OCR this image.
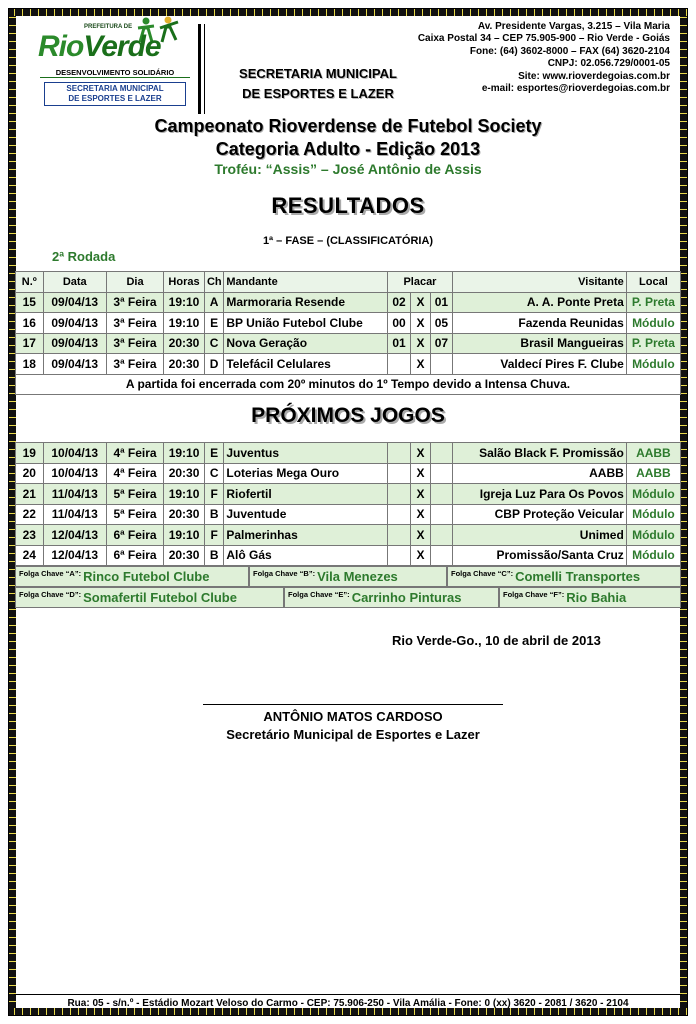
PREFEITURA DE
RioVerde
DESENVOLVIMENTO SOLIDÁRIO
SECRETARIA MUNICIPAL
DE ESPORTES E LAZER
SECRETARIA MUNICIPAL
DE ESPORTES E LAZER
Av. Presidente Vargas, 3.215 – Vila Maria
Caixa Postal 34 – CEP 75.905-900 – Rio Verde - Goiás
Fone: (64) 3602-8000 – FAX (64) 3620-2104
CNPJ: 02.056.729/0001-05
Site: www.rioverdegoias.com.br
e-mail: esportes@rioverdegoias.com.br
Campeonato Rioverdense de Futebol Society
Categoria Adulto - Edição 2013
Troféu: “Assis” – José Antônio de Assis
RESULTADOS
1ª – FASE – (CLASSIFICATÓRIA)
2ª Rodada
N.º	Data	Dia	Horas	Ch	Mandante	Placar			Visitante	Local
15	09/04/13	3ª Feira	19:10	A	Marmoraria Resende	02	X	01	A. A. Ponte Preta	P. Preta
16	09/04/13	3ª Feira	19:10	E	BP União Futebol Clube	00	X	05	Fazenda Reunidas	Módulo
17	09/04/13	3ª Feira	20:30	C	Nova Geração	01	X	07	Brasil Mangueiras	P. Preta
18	09/04/13	3ª Feira	20:30	D	Telefácil Celulares		X		Valdecí Pires F. Clube	Módulo
A partida foi encerrada com 20º minutos do 1º Tempo devido a Intensa Chuva.										
PRÓXIMOS JOGOS
19	10/04/13	4ª Feira	19:10	E	Juventus		X		Salão Black F. Promissão	AABB
20	10/04/13	4ª Feira	20:30	C	Loterias Mega Ouro		X		AABB	AABB
21	11/04/13	5ª Feira	19:10	F	Riofertil		X		Igreja Luz Para Os Povos	Módulo
22	11/04/13	5ª Feira	20:30	B	Juventude		X		CBP Proteção Veicular	Módulo
23	12/04/13	6ª Feira	19:10	F	Palmerinhas		X		Unimed	Módulo
24	12/04/13	6ª Feira	20:30	B	Alô Gás		X		Promissão/Santa Cruz	Módulo
Folga Chave “A”: Rinco Futebol Clube	Folga Chave “B”: Vila Menezes	Folga Chave “C”: Comelli Transportes
Folga Chave “D”: Somafertil Futebol Clube	Folga Chave “E”: Carrinho Pinturas	Folga Chave “F”: Rio Bahia
Rio Verde-Go., 10 de abril de 2013
ANTÔNIO MATOS CARDOSO
Secretário Municipal de Esportes e Lazer
Rua: 05 - s/n.º - Estádio Mozart Veloso do Carmo - CEP: 75.906-250 - Vila Amália - Fone: 0 (xx) 3620 - 2081 / 3620 - 2104
